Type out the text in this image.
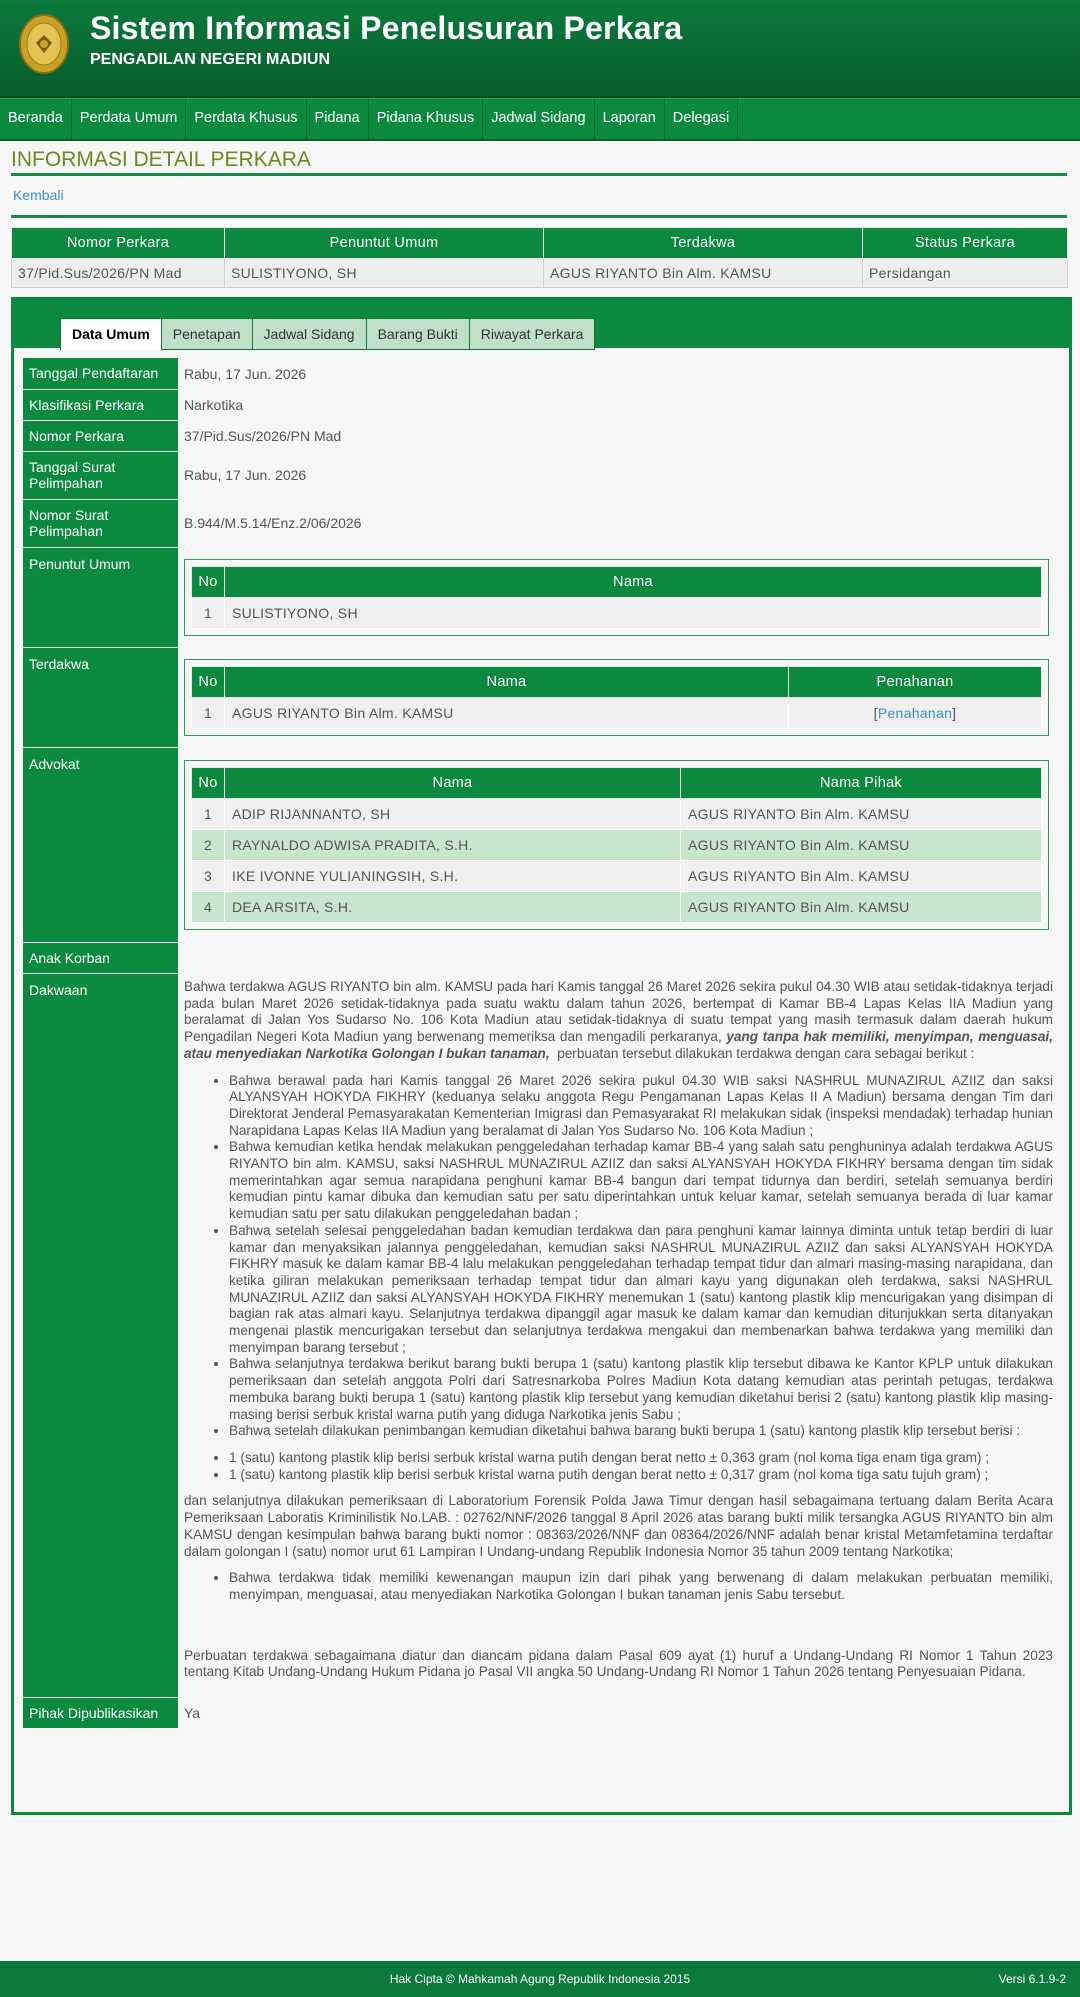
Sistem Informasi Penelusuran Perkara
PENGADILAN NEGERI MADIUN
Beranda	Perdata Umum	Perdata Khusus	Pidana	Pidana Khusus	Jadwal Sidang	Laporan	Delegasi
INFORMASI DETAIL PERKARA
Kembali
Nomor Perkara	Penuntut Umum	Terdakwa	Status Perkara
37/Pid.Sus/2026/PN Mad	SULISTIYONO, SH	AGUS RIYANTO Bin Alm. KAMSU	Persidangan
Data Umum	Penetapan	Jadwal Sidang	Barang Bukti	Riwayat Perkara
Tanggal Pendaftaran	Rabu, 17 Jun. 2026
Klasifikasi Perkara	Narkotika
Nomor Perkara	37/Pid.Sus/2026/PN Mad
Tanggal Surat Pelimpahan	Rabu, 17 Jun. 2026
Nomor Surat Pelimpahan	B.944/M.5.14/Enz.2/06/2026
Penuntut Umum	
No	Nama
1	SULISTIYONO, SH

Terdakwa	
No	Nama	Penahanan
1	AGUS RIYANTO Bin Alm. KAMSU	[Penahanan]

Advokat	
No	Nama	Nama Pihak
1	ADIP RIJANNANTO, SH	AGUS RIYANTO Bin Alm. KAMSU
2	RAYNALDO ADWISA PRADITA, S.H.	AGUS RIYANTO Bin Alm. KAMSU
3	IKE IVONNE YULIANINGSIH, S.H.	AGUS RIYANTO Bin Alm. KAMSU
4	DEA ARSITA, S.H.	AGUS RIYANTO Bin Alm. KAMSU

Anak Korban	
Dakwaan	Bahwa terdakwa AGUS RIYANTO bin alm. KAMSU pada hari Kamis tanggal 26 Maret 2026 sekira pukul 04.30 WIB atau setidak-tidaknya terjadi pada bulan Maret 2026 setidak-tidaknya pada suatu waktu dalam tahun 2026, bertempat di Kamar BB-4 Lapas Kelas IIA Madiun yang beralamat di Jalan Yos Sudarso No. 106 Kota Madiun atau setidak-tidaknya di suatu tempat yang masih termasuk dalam daerah hukum Pengadilan Negeri Kota Madiun yang berwenang memeriksa dan mengadili perkaranya, yang tanpa hak memiliki, menyimpan, menguasai, atau menyediakan Narkotika Golongan I bukan tanaman, perbuatan tersebut dilakukan terdakwa dengan cara sebagai berikut :

• Bahwa berawal pada hari Kamis tanggal 26 Maret 2026 sekira pukul 04.30 WIB saksi NASHRUL MUNAZIRUL AZIIZ dan saksi ALYANSYAH HOKYDA FIKHRY (keduanya selaku anggota Regu Pengamanan Lapas Kelas II A Madiun) bersama dengan Tim dari Direktorat Jenderal Pemasyarakatan Kementerian Imigrasi dan Pemasyarakat RI melakukan sidak (inspeksi mendadak) terhadap hunian Narapidana Lapas Kelas IIA Madiun yang beralamat di Jalan Yos Sudarso No. 106 Kota Madiun ;
• Bahwa kemudian ketika hendak melakukan penggeledahan terhadap kamar BB-4 yang salah satu penghuninya adalah terdakwa AGUS RIYANTO bin alm. KAMSU, saksi NASHRUL MUNAZIRUL AZIIZ dan saksi ALYANSYAH HOKYDA FIKHRY bersama dengan tim sidak memerintahkan agar semua narapidana penghuni kamar BB-4 bangun dari tempat tidurnya dan berdiri, setelah semuanya berdiri kemudian pintu kamar dibuka dan kemudian satu per satu diperintahkan untuk keluar kamar, setelah semuanya berada di luar kamar kemudian satu per satu dilakukan penggeledahan badan ;
• Bahwa setelah selesai penggeledahan badan kemudian terdakwa dan para penghuni kamar lainnya diminta untuk tetap berdiri di luar kamar dan menyaksikan jalannya penggeledahan, kemudian saksi NASHRUL MUNAZIRUL AZIIZ dan saksi ALYANSYAH HOKYDA FIKHRY masuk ke dalam kamar BB-4 lalu melakukan penggeledahan terhadap tempat tidur dan almari masing-masing narapidana, dan ketika giliran melakukan pemeriksaan terhadap tempat tidur dan almari kayu yang digunakan oleh terdakwa, saksi NASHRUL MUNAZIRUL AZIIZ dan saksi ALYANSYAH HOKYDA FIKHRY menemukan 1 (satu) kantong plastik klip mencurigakan yang disimpan di bagian rak atas almari kayu. Selanjutnya terdakwa dipanggil agar masuk ke dalam kamar dan kemudian ditunjukkan serta ditanyakan mengenai plastik mencurigakan tersebut dan selanjutnya terdakwa mengakui dan membenarkan bahwa terdakwa yang memiliki dan menyimpan barang tersebut ;
• Bahwa selanjutnya terdakwa berikut barang bukti berupa 1 (satu) kantong plastik klip tersebut dibawa ke Kantor KPLP untuk dilakukan pemeriksaan dan setelah anggota Polri dari Satresnarkoba Polres Madiun Kota datang kemudian atas perintah petugas, terdakwa membuka barang bukti berupa 1 (satu) kantong plastik klip tersebut yang kemudian diketahui berisi 2 (satu) kantong plastik klip masing-masing berisi serbuk kristal warna putih yang diduga Narkotika jenis Sabu ;
• Bahwa setelah dilakukan penimbangan kemudian diketahui bahwa barang bukti berupa 1 (satu) kantong plastik klip tersebut berisi :
• 1 (satu) kantong plastik klip berisi serbuk kristal warna putih dengan berat netto ± 0,363 gram (nol koma tiga enam tiga gram) ;
• 1 (satu) kantong plastik klip berisi serbuk kristal warna putih dengan berat netto ± 0,317 gram (nol koma tiga satu tujuh gram) ;

dan selanjutnya dilakukan pemeriksaan di Laboratorium Forensik Polda Jawa Timur dengan hasil sebagaimana tertuang dalam Berita Acara Pemeriksaan Laboratis Kriminilistik No.LAB. : 02762/NNF/2026 tanggal 8 April 2026 atas barang bukti milik tersangka AGUS RIYANTO bin alm KAMSU dengan kesimpulan bahwa barang bukti nomor : 08363/2026/NNF dan 08364/2026/NNF adalah benar kristal Metamfetamina terdaftar dalam golongan I (satu) nomor urut 61 Lampiran I Undang-undang Republik Indonesia Nomor 35 tahun 2009 tentang Narkotika;

• Bahwa terdakwa tidak memiliki kewenangan maupun izin dari pihak yang berwenang di dalam melakukan perbuatan memiliki, menyimpan, menguasai, atau menyediakan Narkotika Golongan I bukan tanaman jenis Sabu tersebut.

Perbuatan terdakwa sebagaimana diatur dan diancam pidana dalam Pasal 609 ayat (1) huruf a Undang-Undang RI Nomor 1 Tahun 2023 tentang Kitab Undang-Undang Hukum Pidana jo Pasal VII angka 50 Undang-Undang RI Nomor 1 Tahun 2026 tentang Penyesuaian Pidana.

Pihak Dipublikasikan	Ya
Hak Cipta © Mahkamah Agung Republik Indonesia 2015	Versi 6.1.9-2
